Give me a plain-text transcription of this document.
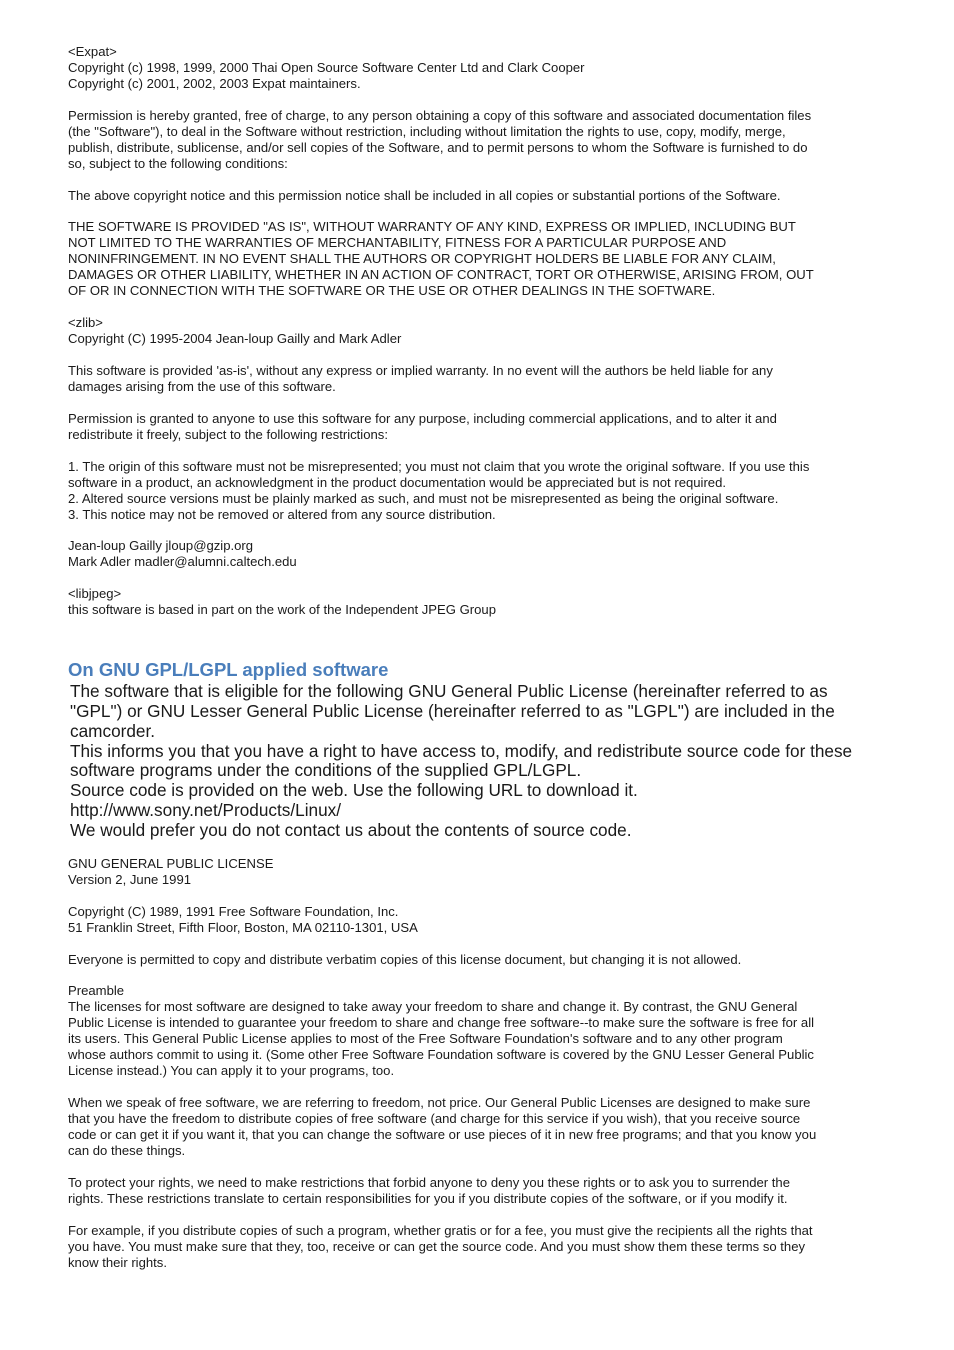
<Expat>
Copyright (c) 1998, 1999, 2000 Thai Open Source Software Center Ltd and Clark Cooper
Copyright (c) 2001, 2002, 2003 Expat maintainers.
Permission is hereby granted, free of charge, to any person obtaining a copy of this software and associated documentation files
(the "Software"), to deal in the Software without restriction, including without limitation the rights to use, copy, modify, merge,
publish, distribute, sublicense, and/or sell copies of the Software, and to permit persons to whom the Software is furnished to do
so, subject to the following conditions:
The above copyright notice and this permission notice shall be included in all copies or substantial portions of the Software.
THE SOFTWARE IS PROVIDED "AS IS", WITHOUT WARRANTY OF ANY KIND, EXPRESS OR IMPLIED, INCLUDING BUT
NOT LIMITED TO THE WARRANTIES OF MERCHANTABILITY, FITNESS FOR A PARTICULAR PURPOSE AND
NONINFRINGEMENT. IN NO EVENT SHALL THE AUTHORS OR COPYRIGHT HOLDERS BE LIABLE FOR ANY CLAIM,
DAMAGES OR OTHER LIABILITY, WHETHER IN AN ACTION OF CONTRACT, TORT OR OTHERWISE, ARISING FROM, OUT
OF OR IN CONNECTION WITH THE SOFTWARE OR THE USE OR OTHER DEALINGS IN THE SOFTWARE.
<zlib>
Copyright (C) 1995-2004 Jean-loup Gailly and Mark Adler
This software is provided 'as-is', without any express or implied warranty. In no event will the authors be held liable for any
damages arising from the use of this software.
Permission is granted to anyone to use this software for any purpose, including commercial applications, and to alter it and
redistribute it freely, subject to the following restrictions:
1. The origin of this software must not be misrepresented; you must not claim that you wrote the original software. If you use this
software in a product, an acknowledgment in the product documentation would be appreciated but is not required.
2. Altered source versions must be plainly marked as such, and must not be misrepresented as being the original software.
3. This notice may not be removed or altered from any source distribution.
Jean-loup Gailly jloup@gzip.org
Mark Adler madler@alumni.caltech.edu
<libjpeg>
this software is based in part on the work of the Independent JPEG Group
On GNU GPL/LGPL applied software
The software that is eligible for the following GNU General Public License (hereinafter referred to as
"GPL") or GNU Lesser General Public License (hereinafter referred to as "LGPL") are included in the
camcorder.
This informs you that you have a right to have access to, modify, and redistribute source code for these
software programs under the conditions of the supplied GPL/LGPL.
Source code is provided on the web. Use the following URL to download it.
http://www.sony.net/Products/Linux/
We would prefer you do not contact us about the contents of source code.
GNU GENERAL PUBLIC LICENSE
Version 2, June 1991
Copyright (C) 1989, 1991 Free Software Foundation, Inc.
51 Franklin Street, Fifth Floor, Boston, MA 02110-1301, USA
Everyone is permitted to copy and distribute verbatim copies of this license document, but changing it is not allowed.
Preamble
The licenses for most software are designed to take away your freedom to share and change it. By contrast, the GNU General
Public License is intended to guarantee your freedom to share and change free software--to make sure the software is free for all
its users. This General Public License applies to most of the Free Software Foundation's software and to any other program
whose authors commit to using it. (Some other Free Software Foundation software is covered by the GNU Lesser General Public
License instead.) You can apply it to your programs, too.
When we speak of free software, we are referring to freedom, not price. Our General Public Licenses are designed to make sure
that you have the freedom to distribute copies of free software (and charge for this service if you wish), that you receive source
code or can get it if you want it, that you can change the software or use pieces of it in new free programs; and that you know you
can do these things.
To protect your rights, we need to make restrictions that forbid anyone to deny you these rights or to ask you to surrender the
rights. These restrictions translate to certain responsibilities for you if you distribute copies of the software, or if you modify it.
For example, if you distribute copies of such a program, whether gratis or for a fee, you must give the recipients all the rights that
you have. You must make sure that they, too, receive or can get the source code. And you must show them these terms so they
know their rights.
